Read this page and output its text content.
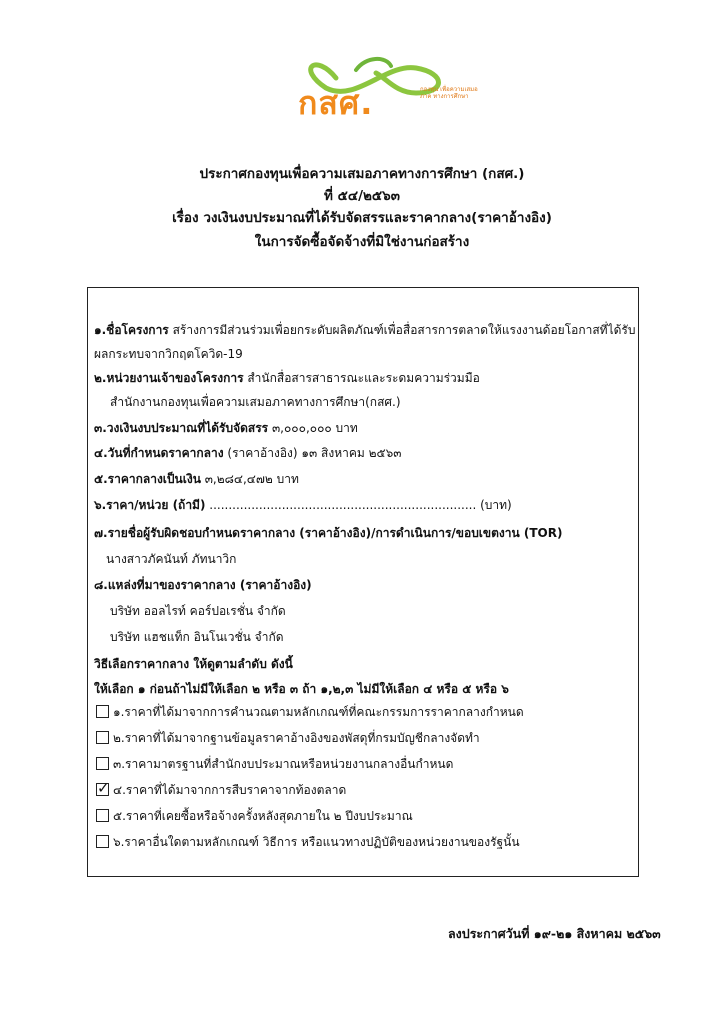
กสศ.	กองทุน เพื่อความเสมอภาค ทางการศึกษา
ประกาศกองทุนเพื่อความเสมอภาคทางการศึกษา (กสศ.)
ที่ ๕๔/๒๕๖๓
เรื่อง วงเงินงบประมาณที่ได้รับจัดสรรและราคากลาง(ราคาอ้างอิง)
ในการจัดซื้อจัดจ้างที่มิใช่งานก่อสร้าง
๑.ชื่อโครงการ สร้างการมีส่วนร่วมเพื่อยกระดับผลิตภัณฑ์เพื่อสื่อสารการตลาดให้แรงงานด้อยโอกาสที่ได้รับ
ผลกระทบจากวิกฤตโควิด-19
๒.หน่วยงานเจ้าของโครงการ สำนักสื่อสารสาธารณะและระดมความร่วมมือ
สำนักงานกองทุนเพื่อความเสมอภาคทางการศึกษา(กสศ.)
๓.วงเงินงบประมาณที่ได้รับจัดสรร ๓,๐๐๐,๐๐๐ บาท
๔.วันที่กำหนดราคากลาง (ราคาอ้างอิง) ๑๓ สิงหาคม ๒๕๖๓
๕.ราคากลางเป็นเงิน ๓,๒๘๔,๔๗๒ บาท
๖.ราคา/หน่วย (ถ้ามี) ...................................................................... (บาท)
๗.รายชื่อผู้รับผิดชอบกำหนดราคากลาง (ราคาอ้างอิง)/การดำเนินการ/ขอบเขตงาน (TOR)
นางสาวภัคนันท์ ภัทนาวิก
๘.แหล่งที่มาของราคากลาง (ราคาอ้างอิง)
บริษัท ออลไรท์ คอร์ปอเรชั่น จำกัด
บริษัท แฮชแท็ก อินโนเวชั่น จำกัด
วิธีเลือกราคากลาง ให้ดูตามลำดับ ดังนี้
ให้เลือก ๑ ก่อนถ้าไม่มีให้เลือก ๒ หรือ ๓ ถ้า ๑,๒,๓ ไม่มีให้เลือก ๔ หรือ ๕ หรือ ๖
๑.ราคาที่ได้มาจากการคำนวณตามหลักเกณฑ์ที่คณะกรรมการราคากลางกำหนด
๒.ราคาที่ได้มาจากฐานข้อมูลราคาอ้างอิงของพัสดุที่กรมบัญชีกลางจัดทำ
๓.ราคามาตรฐานที่สำนักงบประมาณหรือหน่วยงานกลางอื่นกำหนด
✓๔.ราคาที่ได้มาจากการสืบราคาจากท้องตลาด
๕.ราคาที่เคยซื้อหรือจ้างครั้งหลังสุดภายใน ๒ ปีงบประมาณ
๖.ราคาอื่นใดตามหลักเกณฑ์ วิธีการ หรือแนวทางปฏิบัติของหน่วยงานของรัฐนั้น
ลงประกาศวันที่ ๑๙-๒๑ สิงหาคม ๒๕๖๓
